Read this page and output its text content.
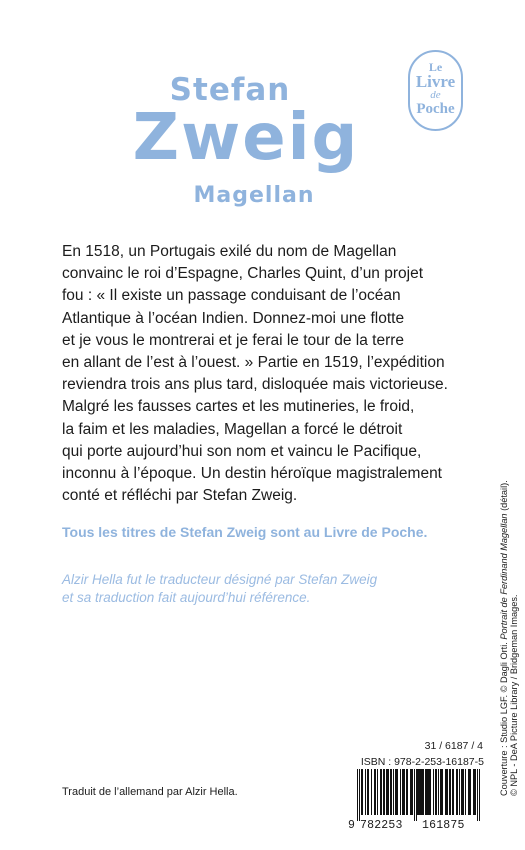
Stefan
Zweig
Magellan
Le
Livre
de
Poche
En 1518, un Portugais exilé du nom de Magellan
convainc le roi d’Espagne, Charles Quint, d’un projet
fou : « Il existe un passage conduisant de l’océan
Atlantique à l’océan Indien. Donnez-moi une flotte
et je vous le montrerai et je ferai le tour de la terre
en allant de l’est à l’ouest. » Partie en 1519, l’expédition
reviendra trois ans plus tard, disloquée mais victorieuse.
Malgré les fausses cartes et les mutineries, le froid,
la faim et les maladies, Magellan a forcé le détroit
qui porte aujourd’hui son nom et vaincu le Pacifique,
inconnu à l’époque. Un destin héroïque magistralement
conté et réfléchi par Stefan Zweig.
Tous les titres de Stefan Zweig sont au Livre de Poche.
Alzir Hella fut le traducteur désigné par Stefan Zweig
et sa traduction fait aujourd’hui référence.
Couverture : Studio LGF. © Dagli Orti. Portrait de Ferdinand Magellan (détail).
© NPL - DeA Picture Library / Bridgeman Images.
31 / 6187 / 4
ISBN : 978-2-253-16187-5
9 782253 161875
Traduit de l’allemand par Alzir Hella.
